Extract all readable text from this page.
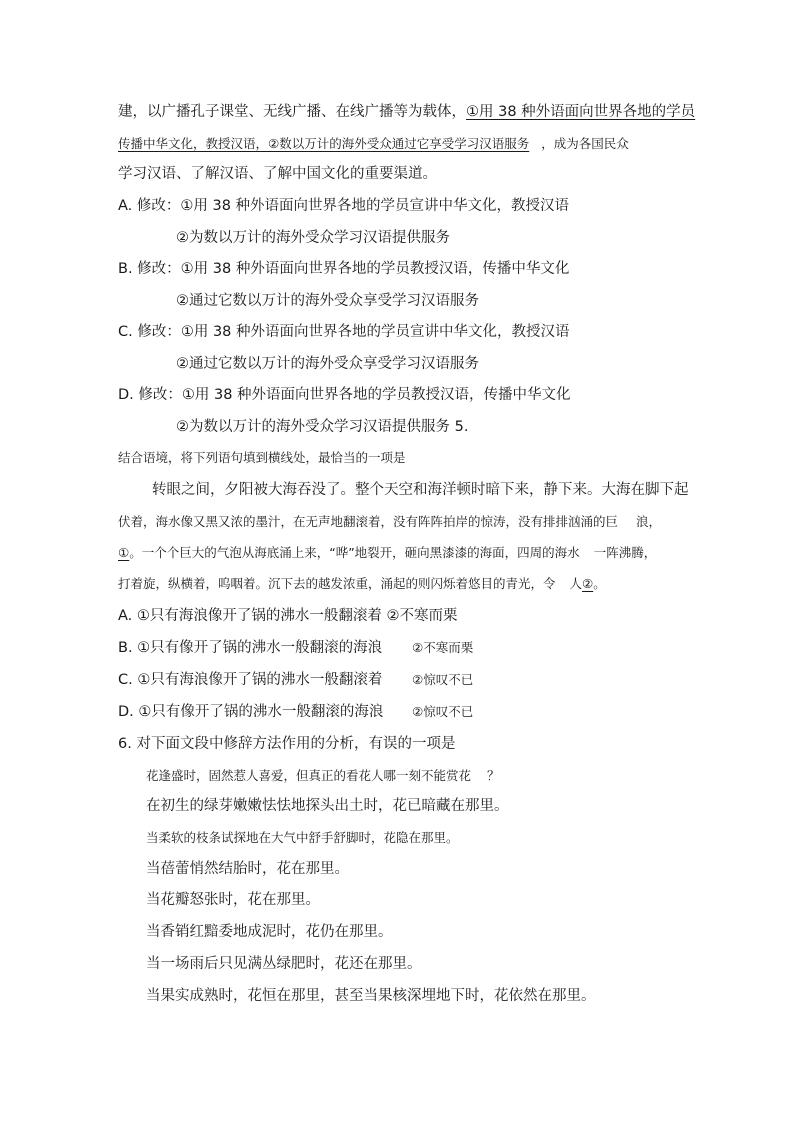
建，以广播孔子课堂、无线广播、在线广播等为载体，①用 38 种外语面向世界各地的学员
传播中华文化，教授汉语，②数以万计的海外受众通过它享受学习汉语服务 ，成为各国民众
学习汉语、了解汉语、了解中国文化的重要渠道。
A. 修改：①用 38 种外语面向世界各地的学员宣讲中华文化，教授汉语
②为数以万计的海外受众学习汉语提供服务
B. 修改：①用 38 种外语面向世界各地的学员教授汉语，传播中华文化
②通过它数以万计的海外受众享受学习汉语服务
C. 修改：①用 38 种外语面向世界各地的学员宣讲中华文化，教授汉语
②通过它数以万计的海外受众享受学习汉语服务
D. 修改：①用 38 种外语面向世界各地的学员教授汉语，传播中华文化
②为数以万计的海外受众学习汉语提供服务 5.
结合语境，将下列语句填到横线处，最恰当的一项是
转眼之间，夕阳被大海吞没了。整个天空和海洋顿时暗下来，静下来。大海在脚下起
伏着，海水像又黑又浓的墨汁，在无声地翻滚着，没有阵阵拍岸的惊涛，没有排排汹涌的巨 浪，
①。一个个巨大的气泡从海底涌上来，“哗”地裂开，砸向黑漆漆的海面，四周的海水 一阵沸腾，
打着旋，纵横着，呜咽着。沉下去的越发浓重，涌起的则闪烁着悠目的青光，令 人②。
A. ①只有海浪像开了锅的沸水一般翻滚着 ②不寒而栗
B. ①只有像开了锅的沸水一般翻滚的海浪 ②不寒而栗
C. ①只有海浪像开了锅的沸水一般翻滚着 ②惊叹不已
D. ①只有像开了锅的沸水一般翻滚的海浪 ②惊叹不已
6. 对下面文段中修辞方法作用的分析，有误的一项是
花逢盛时，固然惹人喜爱，但真正的看花人哪一刻不能赏花 ？
在初生的绿芽嫩嫩怯怯地探头出土时，花已暗藏在那里。
当柔软的枝条试探地在大气中舒手舒脚时，花隐在那里。
当蓓蕾悄然结胎时，花在那里。
当花瓣怒张时，花在那里。
当香销红黯委地成泥时，花仍在那里。
当一场雨后只见满丛绿肥时，花还在那里。
当果实成熟时，花恒在那里，甚至当果核深埋地下时，花依然在那里。
